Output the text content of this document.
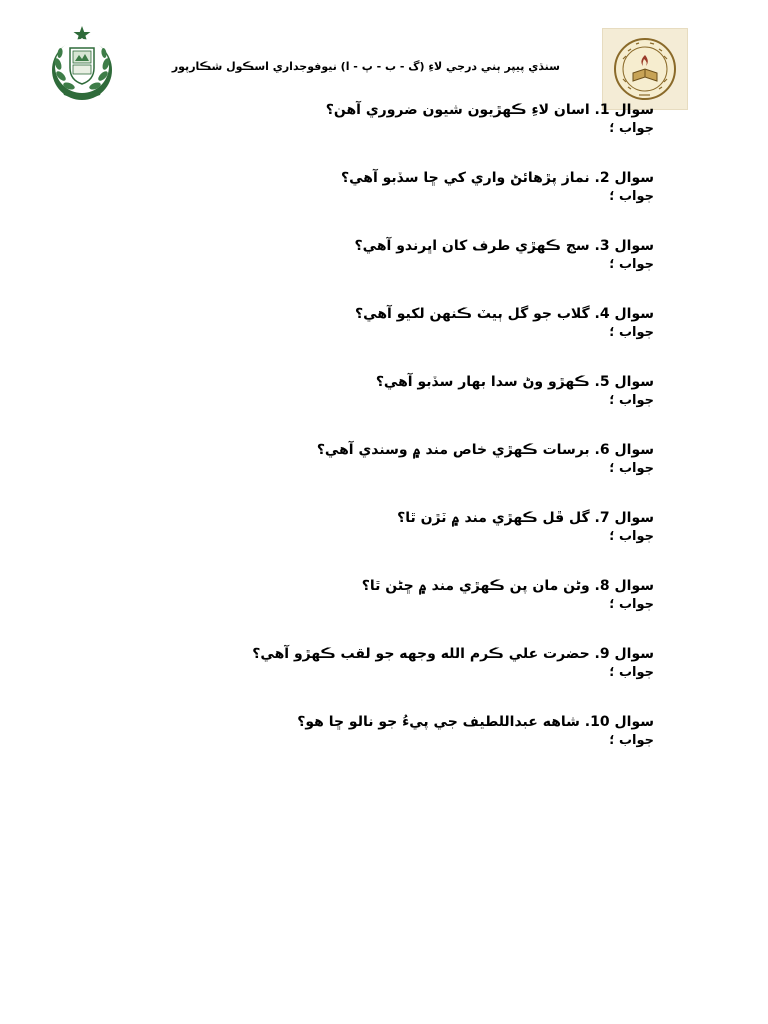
سنڌي پيپر ٻني درجي لاءِ (گ - ب - پ - ا) نيوفوجداري اسڪول شڪارپور
سوال 1. اسان لاءِ ڪهڙيون شيون ضروري آهن؟
جواب ؛
سوال 2. نماز پڙهائڻ واري کي ڇا سڏبو آهي؟
جواب ؛
سوال 3. سج ڪهڙي طرف کان اڀرندو آهي؟
جواب ؛
سوال 4. گلاب جو گل ٻيٽ ڪنهن لکيو آهي؟
جواب ؛
سوال 5. ڪهڙو وڻ سدا بهار سڏبو آهي؟
جواب ؛
سوال 6. برسات ڪهڙي خاص مند ۾ وسندي آهي؟
جواب ؛
سوال 7. گل ڦل ڪهڙي مند ۾ ٽڙن ٿا؟
جواب ؛
سوال 8. وڻن مان پن ڪهڙي مند ۾ ڇڻن ٿا؟
جواب ؛
سوال 9. حضرت علي ڪرم الله وجهه جو لقب ڪهڙو آهي؟
جواب ؛
سوال 10. شاهه عبداللطيف جي پيءُ جو نالو ڇا هو؟
جواب ؛
